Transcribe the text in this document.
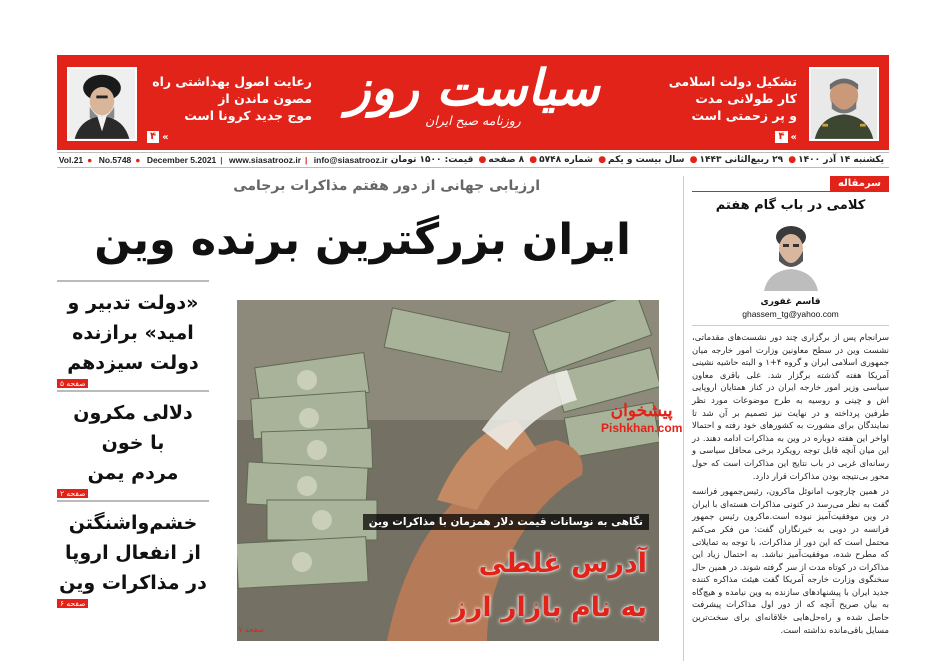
رعایت اصول بهداشتی راه
مصون ماندن از
موج جدید کرونا است
۴ «
سیاست روز
روزنامه صبح ایران
تشکیل دولت اسلامی
کار طولانی مدت
و پر زحمتی است
۴ «
یکشنبه ۱۴ آذر ۱۴۰۰● ۲۹ ربیع‌الثانی ۱۴۴۳● سال بیست و یکم● شماره ۵۷۴۸● ۸ صفحه● قیمت: ۱۵۰۰ تومان
Vol.21 ● No.5748 ● December 5.2021 | www.siasatrooz.ir | info@siasatrooz.ir
ارزیابی جهانی از دور هفتم مذاکرات برجامی
ایران بزرگترین برنده وین
«دولت تدبیر و
امید» برازنده
دولت سیزدهم
صفحه ۵
دلالی مکرون
با خون
مردم یمن
صفحه ۲
خشم‌واشنگتن
از انفعال اروپا
در مذاکرات وین
صفحه ۶
نگاهی به نوسانات قیمت دلار همزمان با مذاکرات وین
آدرس غلطی
به نام بازار ارز
صفحه ۷
پیشخوان
Pishkhan.com
سرمقاله
کلامی در باب گام هفتم
قاسم غفوری
ghassem_tg@yahoo.com

سرانجام پس از برگزاری چند دور نشست‌های مقدماتی، نشست وین در سطح معاونین وزارت امور خارجه میان جمهوری اسلامی ایران و گروه ۴+۱ و البته حاشیه نشینی آمریکا هفته گذشته برگزار شد. علی باقری معاون سیاسی وزیر امور خارجه ایران در کنار همتایان اروپایی اش و چینی و روسیه به طرح موضوعات مورد نظر طرفین پرداخته و در نهایت نیز تصمیم بر آن شد تا نمایندگان برای مشورت به کشورهای خود رفته و احتمالا اواخر این هفته دوباره در وین به مذاکرات ادامه دهند. در این میان آنچه قابل توجه رویکرد برخی محافل سیاسی و رسانه‌ای غربی در باب نتایج این مذاکرات است که حول محور بی‌نتیجه بودن مذاکرات قرار دارد.

در همین چارچوب امانوئل ماکرون، رئیس‌جمهور فرانسه گفت به نظر می‌رسد در کنونی مذاکرات هسته‌ای با ایران در وین موفقیت‌آمیز نبوده است.ماکرون رئیس جمهور فرانسه در دوبی به خبرنگاران گفت: من فکر می‌کنم محتمل است که این دور از مذاکرات، با توجه به تمایلاتی که مطرح شده، موفقیت‌آمیز نباشد. به احتمال زیاد این مذاکرات در کوتاه مدت از سر گرفته شوند. در همین حال سخنگوی وزارت خارجه آمریکا گفت هیئت مذاکره کننده جدید ایران با پیشنهادهای سازنده به وین نیامده و هیچ‌گاه به بیان صریح آنچه که از دور اول مذاکرات پیشرفت حاصل شده و راه‌حل‌هایی خلاقانه‌ای برای سخت‌ترین مسایل باقی‌مانده نداشته است.
